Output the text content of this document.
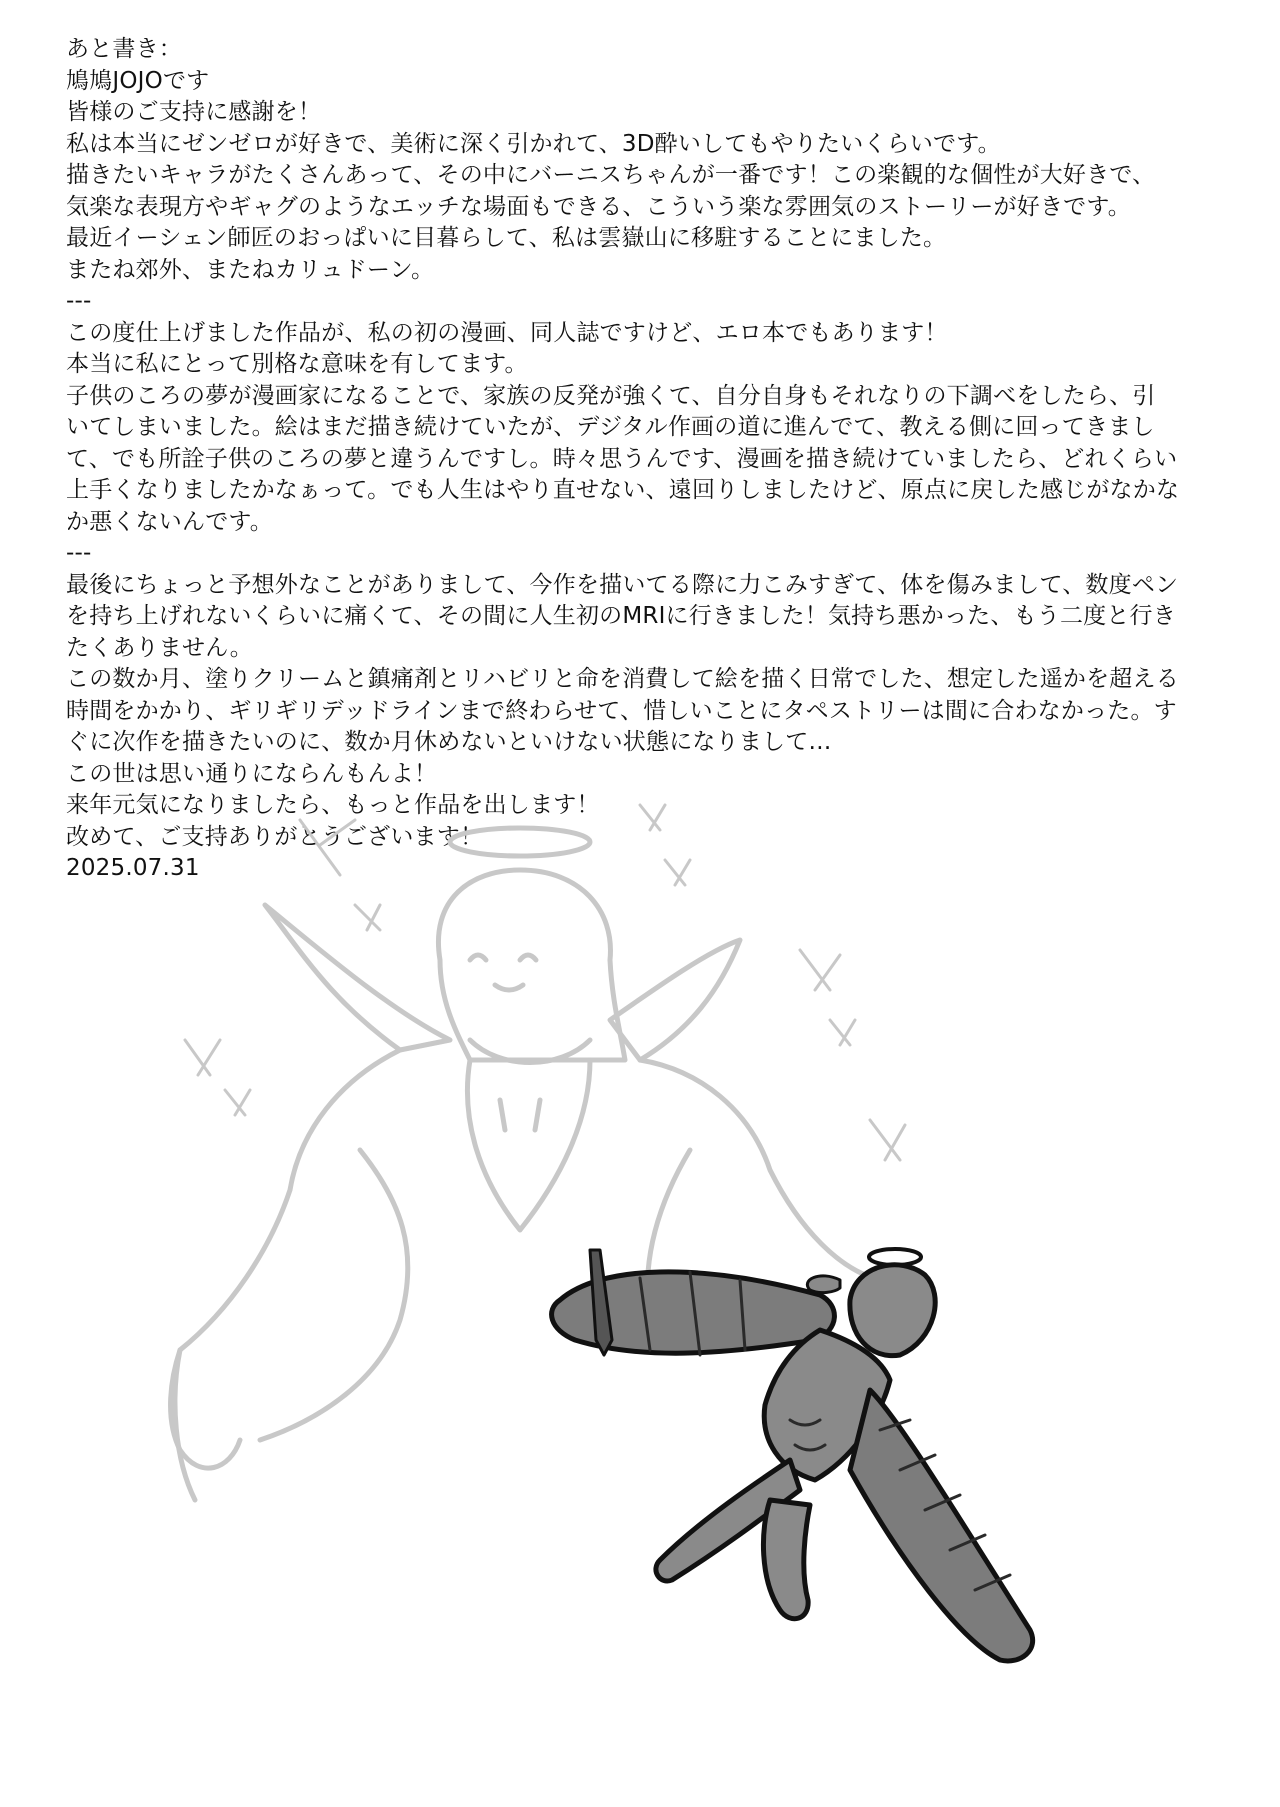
あと書き：

鳩鳩JOJOです

皆様のご支持に感謝を！

私は本当にゼンゼロが好きで、美術に深く引かれて、3D酔いしてもやりたいくらいです。

描きたいキャラがたくさんあって、その中にバーニスちゃんが一番です！この楽観的な個性が大好きで、

気楽な表現方やギャグのようなエッチな場面もできる、こういう楽な雰囲気のストーリーが好きです。

最近イーシェン師匠のおっぱいに目暮らして、私は雲嶽山に移駐することにました。

またね郊外、またねカリュドーン。

---

この度仕上げました作品が、私の初の漫画、同人誌ですけど、エロ本でもあります！

本当に私にとって別格な意味を有してます。

子供のころの夢が漫画家になることで、家族の反発が強くて、自分自身もそれなりの下調べをしたら、引

いてしまいました。絵はまだ描き続けていたが、デジタル作画の道に進んでて、教える側に回ってきまし

て、でも所詮子供のころの夢と違うんですし。時々思うんです、漫画を描き続けていましたら、どれくらい

上手くなりましたかなぁって。でも人生はやり直せない、遠回りしましたけど、原点に戻した感じがなかな

か悪くないんです。

---

最後にちょっと予想外なことがありまして、今作を描いてる際に力こみすぎて、体を傷みまして、数度ペン

を持ち上げれないくらいに痛くて、その間に人生初のMRIに行きました！気持ち悪かった、もう二度と行き

たくありません。

この数か月、塗りクリームと鎮痛剤とリハビリと命を消費して絵を描く日常でした、想定した遥かを超える

時間をかかり、ギリギリデッドラインまで終わらせて、惜しいことにタペストリーは間に合わなかった。す

ぐに次作を描きたいのに、数か月休めないといけない状態になりまして…

この世は思い通りにならんもんよ！

来年元気になりましたら、もっと作品を出します！

改めて、ご支持ありがとうございます！

2025.07.31
